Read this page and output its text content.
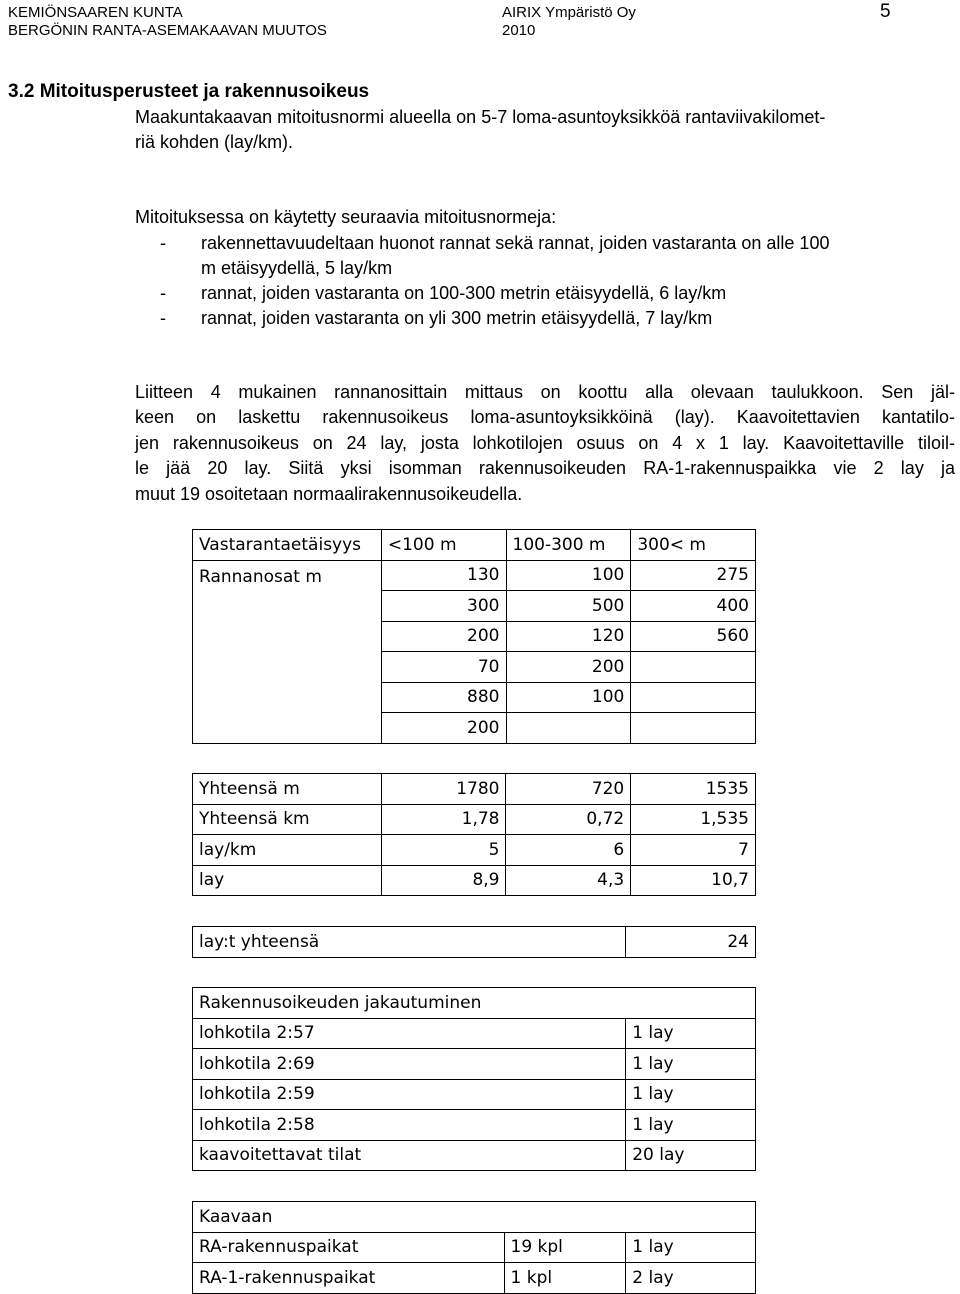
KEMIÖNSAAREN KUNTA
BERGÖNIN RANTA-ASEMAKAAVAN MUUTOS
AIRIX Ympäristö Oy
2010
5
3.2 Mitoitusperusteet ja rakennusoikeus
Maakuntakaavan mitoitusnormi alueella on 5-7 loma-asuntoyksikköä rantaviivakilomet-
riä kohden (lay/km).
Mitoituksessa on käytetty seuraavia mitoitusnormeja:
- rakennettavuudeltaan huonot rannat sekä rannat, joiden vastaranta on alle 100
m etäisyydellä, 5 lay/km
- rannat, joiden vastaranta on 100-300 metrin etäisyydellä, 6 lay/km
- rannat, joiden vastaranta on yli 300 metrin etäisyydellä, 7 lay/km
Liitteen 4 mukainen rannanosittain mittaus on koottu alla olevaan taulukkoon. Sen jäl-
keen on laskettu rakennusoikeus loma-asuntoyksikköinä (lay). Kaavoitettavien kantatilo-
jen rakennusoikeus on 24 lay, josta lohkotilojen osuus on 4 x 1 lay. Kaavoitettaville tiloil-
le jää 20 lay. Siitä yksi isomman rakennusoikeuden RA-1-rakennuspaikka vie 2 lay ja
muut 19 osoitetaan normaalirakennusoikeudella.
Vastarantaetäisyys	<100 m	100-300 m	300< m
Rannanosat m	130	100	275
	300	500	400
	200	120	560
	70	200	
	880	100	
	200		
Yhteensä m	1780	720	1535
Yhteensä km	1,78	0,72	1,535
lay/km	5	6	7
lay	8,9	4,3	10,7
lay:t yhteensä	24
Rakennusoikeuden jakautuminen	
lohkotila 2:57	1 lay
lohkotila 2:69	1 lay
lohkotila 2:59	1 lay
lohkotila 2:58	1 lay
kaavoitettavat tilat	20 lay
Kaavaan		
RA-rakennuspaikat	19 kpl	1 lay
RA-1-rakennuspaikat	1 kpl	2 lay
